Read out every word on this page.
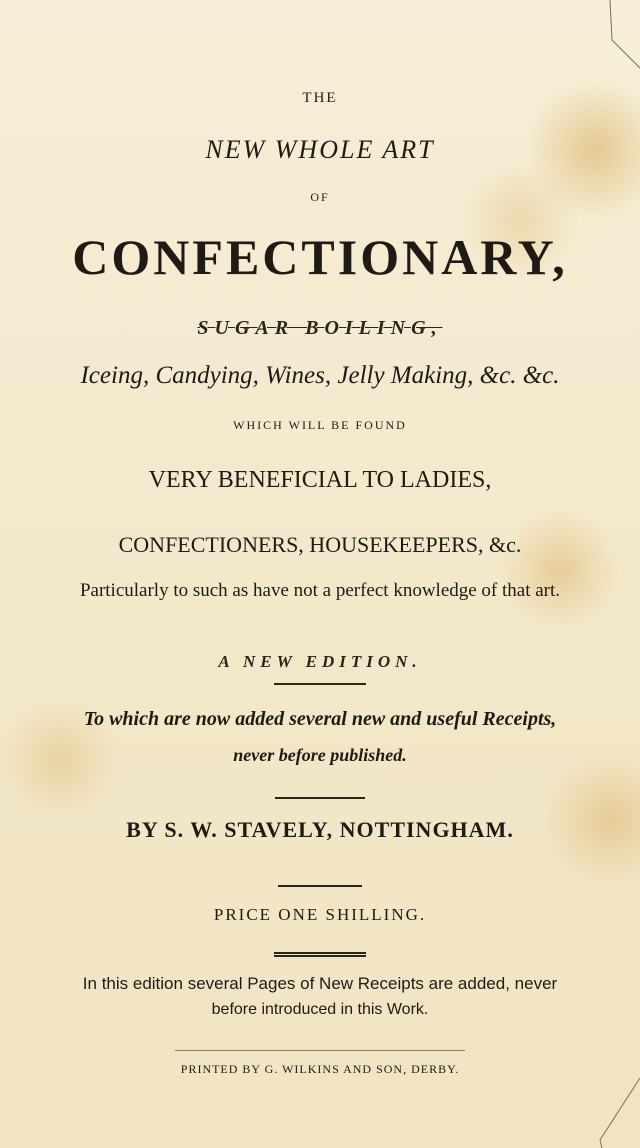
THE
NEW WHOLE ART
OF
CONFECTIONARY,
SUGAR BOILING,
Iceing, Candying, Wines, Jelly Making, &c. &c.
WHICH WILL BE FOUND
VERY BENEFICIAL TO LADIES,
CONFECTIONERS, HOUSEKEEPERS, &c.
Particularly to such as have not a perfect knowledge of that art.
A NEW EDITION.
To which are now added several new and useful Receipts,
never before published.
BY S. W. STAVELY, NOTTINGHAM.
PRICE ONE SHILLING.
In this edition several Pages of New Receipts are added, never
before introduced in this Work.
PRINTED BY G. WILKINS AND SON, DERBY.
